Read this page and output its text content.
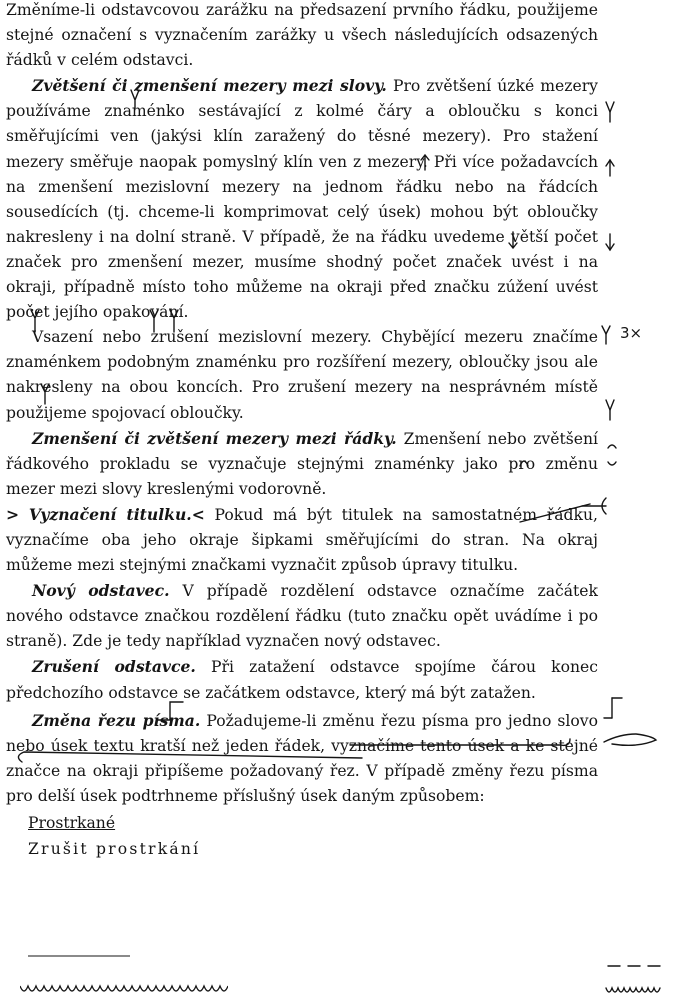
Změníme-li odstavcovou zarážku na předsazení prvního řádku, použijeme stejné označení s vyznačením zarážky u všech následujících odsazených řádků v celém odstavci.

Zvětšení či zmenšení mezery mezi slovy. Pro zvětšení úzké mezery používáme znaménko sestávající z kolmé čáry a obloučku s konci směřujícími ven (jakýsi klín zaražený do těsné mezery). Pro stažení mezery směřuje naopak pomyslný klín ven z mezery. Při více požadavcích na zmenšení mezislovní mezery na jednom řádku nebo na řádcích sousedících (tj. chceme-li komprimovat celý úsek) mohou být obloučky nakresleny i na dolní straně. V případě, že na řádku uvedeme větší počet značek pro zmenšení mezer, musíme shodný počet značek uvést i na okraji, případně místo toho můžeme na okraji před značku zúžení uvést počet jejího opakování.

Vsazení nebo zrušení mezislovní mezery. Chybějící mezeru značíme znaménkem podobným znaménku pro rozšíření mezery, obloučky jsou ale nakresleny na obou koncích. Pro zrušení mezery na nesprávném místě použijeme spojovací obloučky.

Zmenšení či zvětšení mezery mezi řádky. Zmenšení nebo zvětšení řádkového prokladu se vyznačuje stejnými znaménky jako pro změnu mezer mezi slovy kreslenými vodorovně.

> Vyznačení titulku.< Pokud má být titulek na samostatném řádku, vyznačíme oba jeho okraje šipkami směřujícími do stran. Na okraj můžeme mezi stejnými značkami vyznačit způsob úpravy titulku.

Nový odstavec. V případě rozdělení odstavce označíme začátek nového odstavce značkou rozdělení řádku (tuto značku opět uvádíme i po straně). Zde je tedy například vyznačen nový odstavec.

Zrušení odstavce. Při zatažení odstavce spojíme čárou konec předchozího odstavce se začátkem odstavce, který má být zatažen.

Změna řezu písma. Požadujeme-li změnu řezu písma pro jedno slovo nebo úsek textu kratší než jeden řádek, vyznačíme tento úsek a ke stejné značce na okraji připíšeme požadovaný řez. V případě změny řezu písma pro delší úsek podtrhneme příslušný úsek daným způsobem:

Prostrkané
Zrušit prostrkání
3×
